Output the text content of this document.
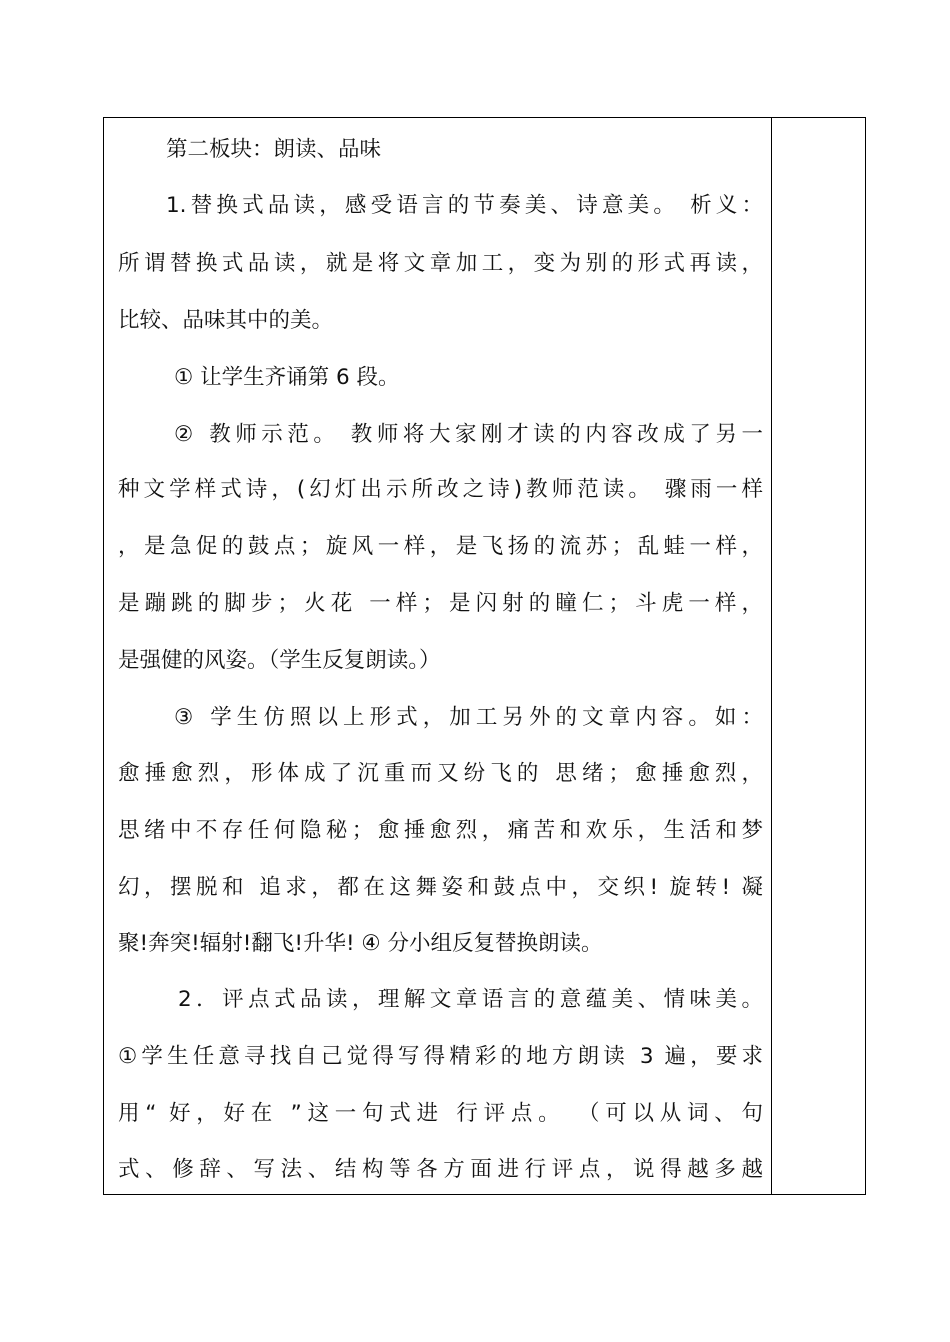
第二板块：朗读、品味
1.替换式品读，感受语言的节奏美、诗意美。 析义：
所谓替换式品读，就是将文章加工，变为别的形式再读，
比较、品味其中的美。
① 让学生齐诵第 6 段。
② 教师示范。 教师将大家刚才读的内容改成了另一
种文学样式诗，(幻灯出示所改之诗)教师范读。 骤雨一样
，是急促的鼓点；旋风一样，是飞扬的流苏；乱蛙一样，
是蹦跳的脚步；火花 一样；是闪射的瞳仁；斗虎一样，
是强健的风姿。（学生反复朗读。）
③ 学生仿照以上形式，加工另外的文章内容。如：
愈捶愈烈，形体成了沉重而又纷飞的 思绪；愈捶愈烈，
思绪中不存任何隐秘；愈捶愈烈，痛苦和欢乐，生活和梦
幻，摆脱和 追求，都在这舞姿和鼓点中，交织! 旋转! 凝
聚!奔突!辐射!翻飞!升华! ④ 分小组反复替换朗读。
2．评点式品读，理解文章语言的意蕴美、情味美。
①学生任意寻找自己觉得写得精彩的地方朗读 3 遍，要求
用“ 好，好在 ”这一句式进 行评点。 （可以从词、句
式、修辞、写法、结构等各方面进行评点，说得越多越
